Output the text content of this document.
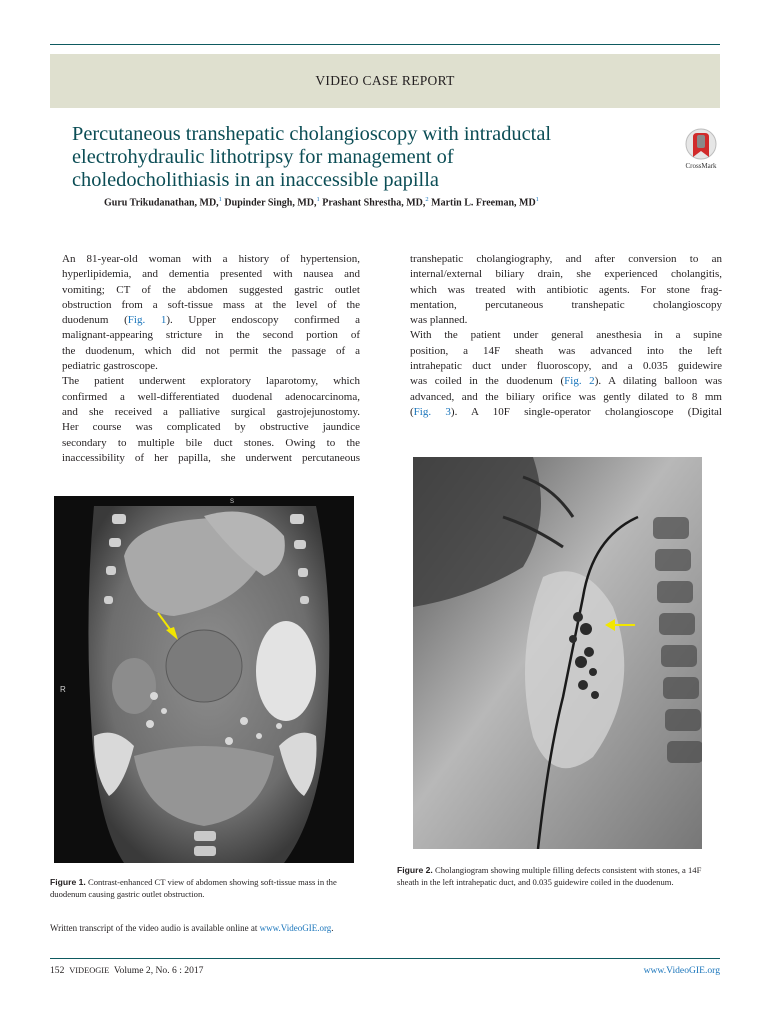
VIDEO CASE REPORT
Percutaneous transhepatic cholangioscopy with intraductal
electrohydraulic lithotripsy for management of
choledocholithiasis in an inaccessible papilla
CrossMark
Guru Trikudanathan, MD,$^1$ Dupinder Singh, MD,$^1$ Prashant Shrestha, MD,$^2$ Martin L. Freeman, $MD^1$

An 81-year-old woman with a history of hypertension,
hyperlipidemia, and dementia presented with nausea and
vomiting; CT of the abdomen suggested gastric outlet
obstruction from a soft-tissue mass at the level of the
duodenum (Fig. 1). Upper endoscopy confirmed a
malignant-appearing stricture in the second portion of
the duodenum, which did not permit the passage of a
pediatric gastroscope.

The patient underwent exploratory laparotomy, which
confirmed a well-differentiated duodenal adenocarcinoma,
and she received a palliative surgical gastrojejunostomy.
Her course was complicated by obstructive jaundice
secondary to multiple bile duct stones. Owing to the
inaccessibility of her papilla, she underwent percutaneous

transhepatic cholangiography, and after conversion to an
internal/external biliary drain, she experienced cholangitis,
which was treated with antibiotic agents. For stone frag-
mentation, percutaneous transhepatic cholangioscopy
was planned.

With the patient under general anesthesia in a supine
position, a 14F sheath was advanced into the left
intrahepatic duct under fluoroscopy, and a 0.035 guidewire
was coiled in the duodenum (Fig. 2). A dilating balloon was
advanced, and the biliary orifice was gently dilated to 8 mm
(Fig. 3). A 10F single-operator cholangioscope (Digital

R
S
Figure 1. Contrast-enhanced CT view of abdomen showing soft-tissue mass in the duodenum causing gastric outlet obstruction.
Figure 2. Cholangiogram showing multiple filling defects consistent with stones, a 14F sheath in the left intrahepatic duct, and 0.035 guidewire coiled in the duodenum.
Written transcript of the video audio is available online at www.VideoGIE.org.
152 VIDEOGIE Volume 2, No. 6 : 2017	www.VideoGIE.org
